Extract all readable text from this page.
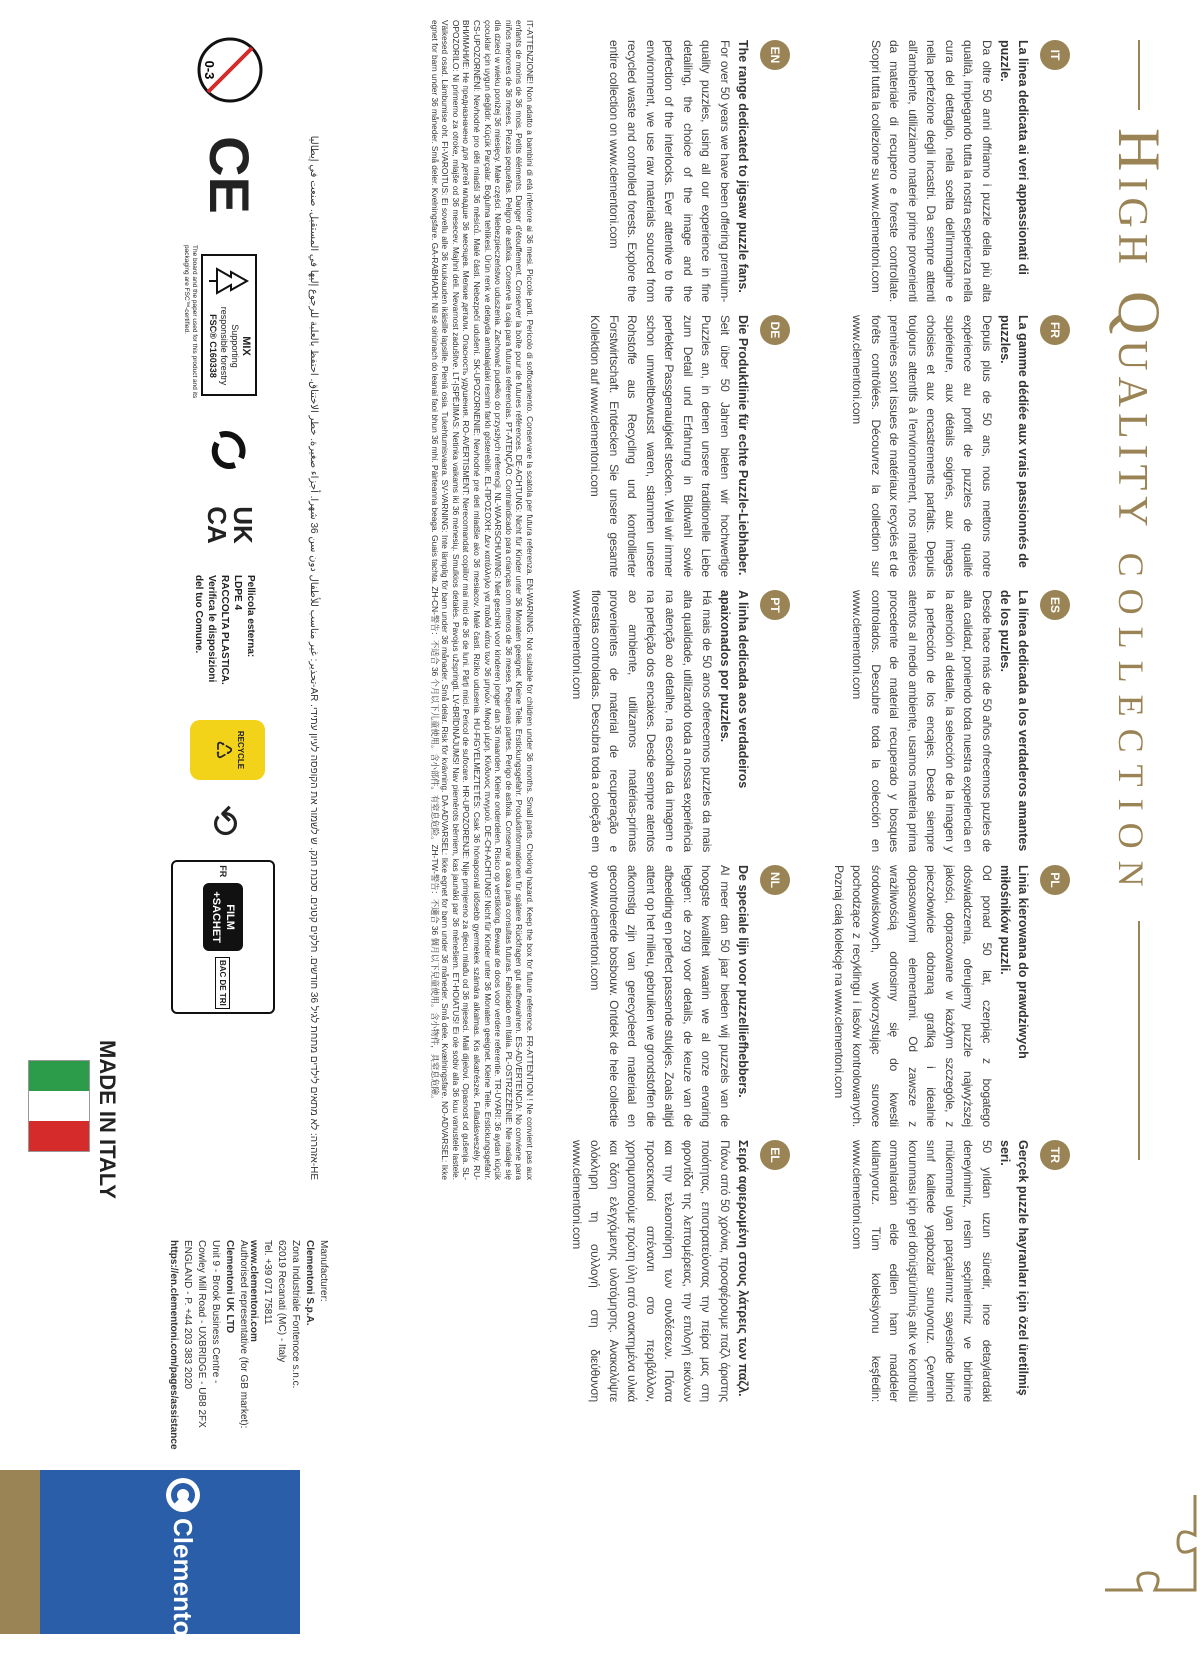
High QualityCOLLECTION
IT
La linea dedicata ai veri appassionati di puzzle.
Da oltre 50 anni offriamo i puzzle della più alta qualità, impiegando tutta la nostra esperienza nella cura del dettaglio, nella scelta dell'immagine e nella perfezione degli incastri. Da sempre attenti all'ambiente, utilizziamo materie prime provenienti da materiale di recupero e foreste controllate. Scopri tutta la collezione su www.clementoni.com
FR
La gamme dédiée aux vrais passionnés de puzzles.
Depuis plus de 50 ans, nous mettons notre expérience au profit de puzzles de qualité supérieure, aux détails soignés, aux images choisies et aux encastrements parfaits. Depuis toujours attentifs à l'environnement, nos matières premières sont issues de matériaux recyclés et de forêts contrôlées. Découvrez la collection sur www.clementoni.com
ES
La línea dedicada a los verdaderos amantes de los puzles.
Desde hace más de 50 años ofrecemos puzles de alta calidad, poniendo toda nuestra experiencia en la atención al detalle, la selección de la imagen y la perfección de los encajes. Desde siempre atentos al medio ambiente, usamos materia prima procedente de material recuperado y bosques controlados. Descubre toda la colección en www.clementoni.com
PL
Linia kierowana do prawdziwych miłośników puzzli.
Od ponad 50 lat, czerpiąc z bogatego doświadczenia, oferujemy puzzle najwyższej jakości, dopracowane w każdym szczególe, z pieczołowicie dobraną grafiką i idealnie dopasowanymi elementami. Od zawsze z wrażliwością odnosimy się do kwestii środowiskowych, wykorzystując surowce pochodzące z recyklingu i lasów kontrolowanych. Poznaj całą kolekcję na www.clementoni.com
TR
Gerçek puzzle hayranları için özel üretilmiş seri.
50 yıldan uzun süredir, ince detaylardaki deneyimimiz, resim seçimlerimiz ve birbirine mükemmel uyan parçalarımız sayesinde birinci sınıf kalitede yapbozlar sunuyoruz. Çevrenin korunması için geri dönüştürülmüş atık ve kontrollü ormanlardan elde edilen ham maddeler kullanıyoruz. Tüm koleksiyonu keşfedin: www.clementoni.com
EN
The range dedicated to jigsaw puzzle fans.
For over 50 years we have been offering premium-quality puzzles, using all our experience in fine detailing, the choice of the image and the perfection of the interlocks. Ever attentive to the environment, we use raw materials sourced from recycled waste and controlled forests. Explore the entire collection on www.clementoni.com
DE
Die Produktlinie für echte Puzzle-Liebhaber.
Seit über 50 Jahren bieten wir hochwertige Puzzles an, in denen unsere traditionelle Liebe zum Detail und Erfahrung in Bildwahl sowie perfekter Passgenauigkeit stecken. Weil wir immer schon umweltbewusst waren, stammen unsere Rohstoffe aus Recycling und kontrollierter Forstwirtschaft. Entdecken Sie unsere gesamte Kollektion auf www.clementoni.com
PT
A linha dedicada aos verdadeiros apaixonados por puzzles.
Há mais de 50 anos oferecemos puzzles da mais alta qualidade, utilizando toda a nossa experiência na atenção ao detalhe, na escolha da imagem e na perfeição dos encaixes. Desde sempre atentos ao ambiente, utilizamos matérias-primas provenientes de material de recuperação e florestas controladas. Descubra toda a coleção em www.clementoni.com
NL
De speciale lijn voor puzzelliefhebbers.
Al meer dan 50 jaar bieden wij puzzels van de hoogste kwaliteit waarin we al onze ervaring leggen: de zorg voor details, de keuze van de afbeelding en perfect passende stukjes. Zoals altijd attent op het milieu, gebruiken we grondstoffen die afkomstig zijn van gerecycleerd materiaal en gecontroleerde bosbouw. Ontdek de hele collectie op www.clementoni.com
EL
Σειρά αφιερωμένη στους λάτρεις των παζλ.
Πάνω από 50 χρόνια, προσφέρουμε παζλ άριστης ποιότητας, επιστρατεύοντας την πείρα μας στη φροντίδα της λεπτομέρειας, την επιλογή εικόνων και την τελειοποίηση των συνδέσεων. Πάντα προσεκτικοί απέναντι στο περιβάλλον, χρησιμοποιούμε πρώτη ύλη από ανακτημένα υλικά και δάση ελεγχόμενης υλοτόμησης. Ανακαλύψτε ολόκληρη τη συλλογή στη διεύθυνση www.clementoni.com
IT-ATTENZIONE! Non adatto a bambini di età inferiore ai 36 mesi. Piccole parti. Pericolo di soffocamento. Conservare la scatola per futura referenza. EN-WARNING: Not suitable for children under 36 months. Small parts. Choking hazard. Keep the box for future reference. FR-ATTENTION ! Ne convient pas aux enfants de moins de 36 mois. Petits éléments. Danger d'étouffement. Conserver la boîte pour de futures références. DE-ACHTUNG: Nicht für Kinder unter 36 Monaten geeignet. Kleine Teile. Erstickungsgefahr. Produktinformationen für spätere Rückfragen gut aufbewahren. ES-ADVERTENCIA: No conviene para niños menores de 36 meses. Piezas pequeñas. Peligro de asfixia. Conserve la caja para futuras referencias. PT-ATENÇÃO: Contraindicado para crianças com menos de 36 meses. Pequenas partes. Perigo de asfixia. Conservar a caixa para consultas futuras. Fabricado em Itália. PL-OSTRZEŻENIE: Nie nadaje się dla dzieci w wieku poniżej 36 miesięcy. Małe części. Niebezpieczeństwo uduszenia. Zachować pudełko do przyszłych referencji. NL-WAARSCHUWING: Niet geschikt voor kinderen jonger dan 36 maanden. Kleine onderdelen. Risico op verstikking. Bewaar de doos voor verdere referentie. TR-UYARI: 36 aydan küçük çocuklar için uygun değildir. Küçük Parçalar. Boğulma tehlikesi. Ürün renk ve detayda ambalajdaki resmin farklı gösterebilir. EL-ΠΡΟΣΟΧΗ: Δεν κατάλληλο για παιδιά κάτω των 36 μηνών. Μικρά μέρη. Κίνδυνος πνιγμού. DE-CH-ACHTUNG! Nicht für Kinder unter 36 Monaten geeignet. Kleine Teile. Erstickungsgefahr. CS-UPOZORNĚNÍ: Nevhodné pro děti mladší 36 měsíců. Malé části. Nebezpečí udušení. SK-UPOZORNENIE: Nevhodné pre deti mladšie ako 36 mesiacov. Malé časti. Riziko udusenia. HU-FIGYELMEZTETÉS: Csak 36 hónaposnál idősebb gyermekek számára alkalmas. Kis alkatrészek. Fulladásveszély. RU-ВНИМАНИЕ: Не предназначено для детей младше 36 месяцев. Мелкие детали. Опасность удушения. RO-AVERTISMENT: Nerecomandat copiilor mai mici de 36 de luni. Părți mici. Pericol de sufocare. HR-UPOZORENJE: Nije primjereno za djecu mlađu od 36 mjeseci. Mali dijelovi. Opasnost od gušenja. SL-OPOZORILO: Ni primerno za otroke, mlajše od 36 mesecev. Majhni deli. Nevarnost zadušitve. LT-ĮSPĖJIMAS: Netinka vaikams iki 36 mėnesių. Smulkios detalės. Pavojus užspringti. LV-BRĪDINĀJUMS! Nav piemērots bērniem, kas jaunāki par 36 mēnešiem. ET-HOIATUS! Ei ole sobiv alla 36 kuu vanustele lastele. Väikesed osad. Lämbumise oht. FI-VAROITUS: Ei sovellu alle 36 kuukauden ikäisille lapsille. Pieniä osia. Tukehtumisvaara. SV-VARNING: Inte lämplig för barn under 36 månader. Små delar. Risk för kvävning. DA-ADVARSEL: Ikke egnet for børn under 36 måneder. Små dele. Kvælningsfare. NO-ADVARSEL: Ikke egnet for barn under 36 måneder. Små deler. Kvelningsfare. GA-RABHADH: Níl sé oiriúnach do leanaí faoi bhun 36 mhí. Páirteanna beaga. Guais tachta. ZH-CN-警告：不适合 36 个月以下儿童使用。含小部件。有窒息危险。ZH-TW-警告：不適合 36 個月以下兒童使用。含小物件，具窒息危險。
HE-אזהרה: לא מתאים לילדים מתחת לגיל 36 חודשים. חלקים קטנים. סכנת חנק. ש לשמור את הקופסה לעיון עתידי. AR-تحذير: غير مناسب للأطفال دون سن 36 شهرا. أجزاء صغيرة. خطر الاختناق. احتفظ بالعلبة للرجوع إليها في المستقبل. صنعت في إيطاليا
0-3
CE
MIX
Supporting responsible forestry
FSC® C160338
The board and the paper used for this product and its packaging are FSC™-certified.
UK CA
Pellicola esterna:
LDPE 4
RACCOLTA PLASTICA.
Verifica le disposizioni
del tuo Comune.
RECYCLE
♺
⟲
FR
FILM
+SACHET
BAC DE TRI
MADE IN ITALY
Authorised representative (for GB market):
Clementoni UK LTD
Unit 9 - Brook Business Centre -
Cowley Mill Road - UXBRIDGE - UB8 2FX
ENGLAND - P. +44 203 383 2020
https://en.clementoni.com/pages/assistance	Manufacturer:
Clementoni S.p.A.
Zona Industriale Fontenoce s.n.c.
62019 Recanati (MC) - Italy
Tel. +39 071 75811
www.clementoni.com
Clementoni
®
